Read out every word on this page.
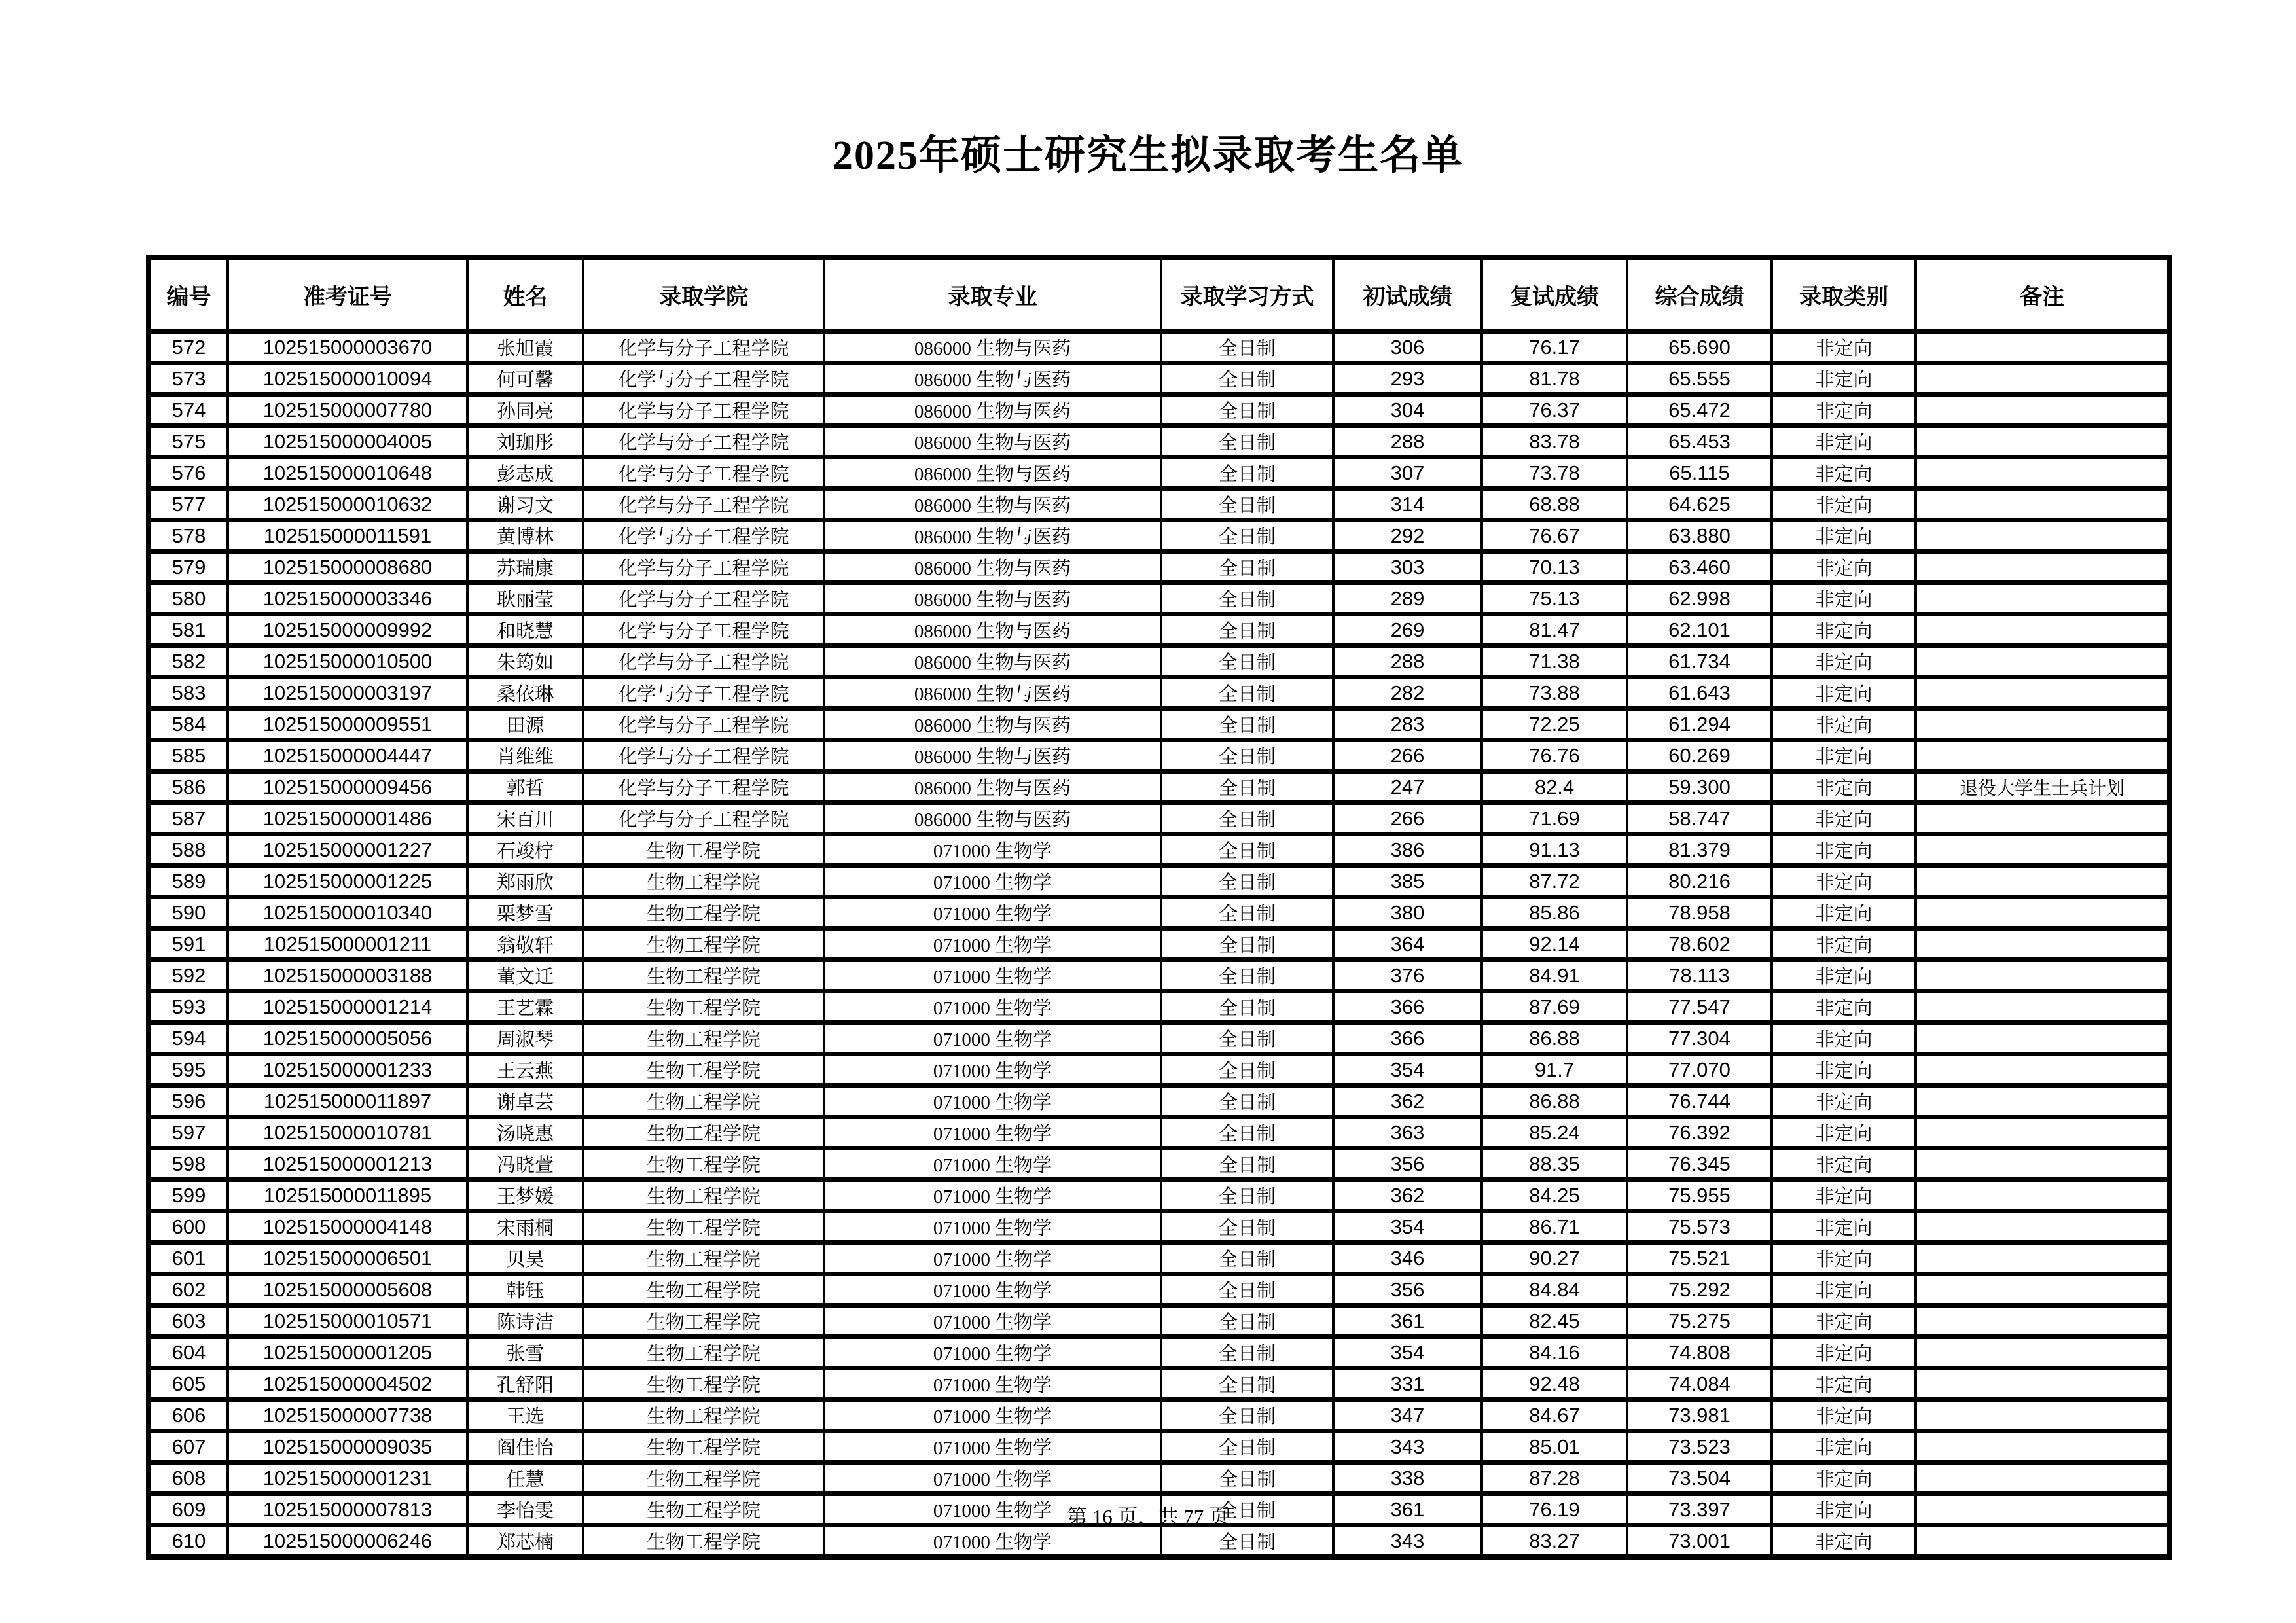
2025年硕士研究生拟录取考生名单
编号	准考证号	姓名	录取学院	录取专业	录取学习方式	初试成绩	复试成绩	综合成绩	录取类别	备注
572	102515000003670	张旭霞	化学与分子工程学院	086000 生物与医药	全日制	306	76.17	65.690	非定向	
573	102515000010094	何可馨	化学与分子工程学院	086000 生物与医药	全日制	293	81.78	65.555	非定向	
574	102515000007780	孙同亮	化学与分子工程学院	086000 生物与医药	全日制	304	76.37	65.472	非定向	
575	102515000004005	刘珈彤	化学与分子工程学院	086000 生物与医药	全日制	288	83.78	65.453	非定向	
576	102515000010648	彭志成	化学与分子工程学院	086000 生物与医药	全日制	307	73.78	65.115	非定向	
577	102515000010632	谢习文	化学与分子工程学院	086000 生物与医药	全日制	314	68.88	64.625	非定向	
578	102515000011591	黄博林	化学与分子工程学院	086000 生物与医药	全日制	292	76.67	63.880	非定向	
579	102515000008680	苏瑞康	化学与分子工程学院	086000 生物与医药	全日制	303	70.13	63.460	非定向	
580	102515000003346	耿丽莹	化学与分子工程学院	086000 生物与医药	全日制	289	75.13	62.998	非定向	
581	102515000009992	和晓慧	化学与分子工程学院	086000 生物与医药	全日制	269	81.47	62.101	非定向	
582	102515000010500	朱筠如	化学与分子工程学院	086000 生物与医药	全日制	288	71.38	61.734	非定向	
583	102515000003197	桑依琳	化学与分子工程学院	086000 生物与医药	全日制	282	73.88	61.643	非定向	
584	102515000009551	田源	化学与分子工程学院	086000 生物与医药	全日制	283	72.25	61.294	非定向	
585	102515000004447	肖维维	化学与分子工程学院	086000 生物与医药	全日制	266	76.76	60.269	非定向	
586	102515000009456	郭哲	化学与分子工程学院	086000 生物与医药	全日制	247	82.4	59.300	非定向	退役大学生士兵计划
587	102515000001486	宋百川	化学与分子工程学院	086000 生物与医药	全日制	266	71.69	58.747	非定向	
588	102515000001227	石竣柠	生物工程学院	071000 生物学	全日制	386	91.13	81.379	非定向	
589	102515000001225	郑雨欣	生物工程学院	071000 生物学	全日制	385	87.72	80.216	非定向	
590	102515000010340	栗梦雪	生物工程学院	071000 生物学	全日制	380	85.86	78.958	非定向	
591	102515000001211	翁敬轩	生物工程学院	071000 生物学	全日制	364	92.14	78.602	非定向	
592	102515000003188	董文迁	生物工程学院	071000 生物学	全日制	376	84.91	78.113	非定向	
593	102515000001214	王艺霖	生物工程学院	071000 生物学	全日制	366	87.69	77.547	非定向	
594	102515000005056	周淑琴	生物工程学院	071000 生物学	全日制	366	86.88	77.304	非定向	
595	102515000001233	王云燕	生物工程学院	071000 生物学	全日制	354	91.7	77.070	非定向	
596	102515000011897	谢卓芸	生物工程学院	071000 生物学	全日制	362	86.88	76.744	非定向	
597	102515000010781	汤晓惠	生物工程学院	071000 生物学	全日制	363	85.24	76.392	非定向	
598	102515000001213	冯晓萱	生物工程学院	071000 生物学	全日制	356	88.35	76.345	非定向	
599	102515000011895	王梦媛	生物工程学院	071000 生物学	全日制	362	84.25	75.955	非定向	
600	102515000004148	宋雨桐	生物工程学院	071000 生物学	全日制	354	86.71	75.573	非定向	
601	102515000006501	贝昊	生物工程学院	071000 生物学	全日制	346	90.27	75.521	非定向	
602	102515000005608	韩钰	生物工程学院	071000 生物学	全日制	356	84.84	75.292	非定向	
603	102515000010571	陈诗洁	生物工程学院	071000 生物学	全日制	361	82.45	75.275	非定向	
604	102515000001205	张雪	生物工程学院	071000 生物学	全日制	354	84.16	74.808	非定向	
605	102515000004502	孔舒阳	生物工程学院	071000 生物学	全日制	331	92.48	74.084	非定向	
606	102515000007738	王选	生物工程学院	071000 生物学	全日制	347	84.67	73.981	非定向	
607	102515000009035	阎佳怡	生物工程学院	071000 生物学	全日制	343	85.01	73.523	非定向	
608	102515000001231	任慧	生物工程学院	071000 生物学	全日制	338	87.28	73.504	非定向	
609	102515000007813	李怡雯	生物工程学院	071000 生物学	全日制	361	76.19	73.397	非定向	
610	102515000006246	郑芯楠	生物工程学院	071000 生物学	全日制	343	83.27	73.001	非定向	
第 16 页，共 77 页
